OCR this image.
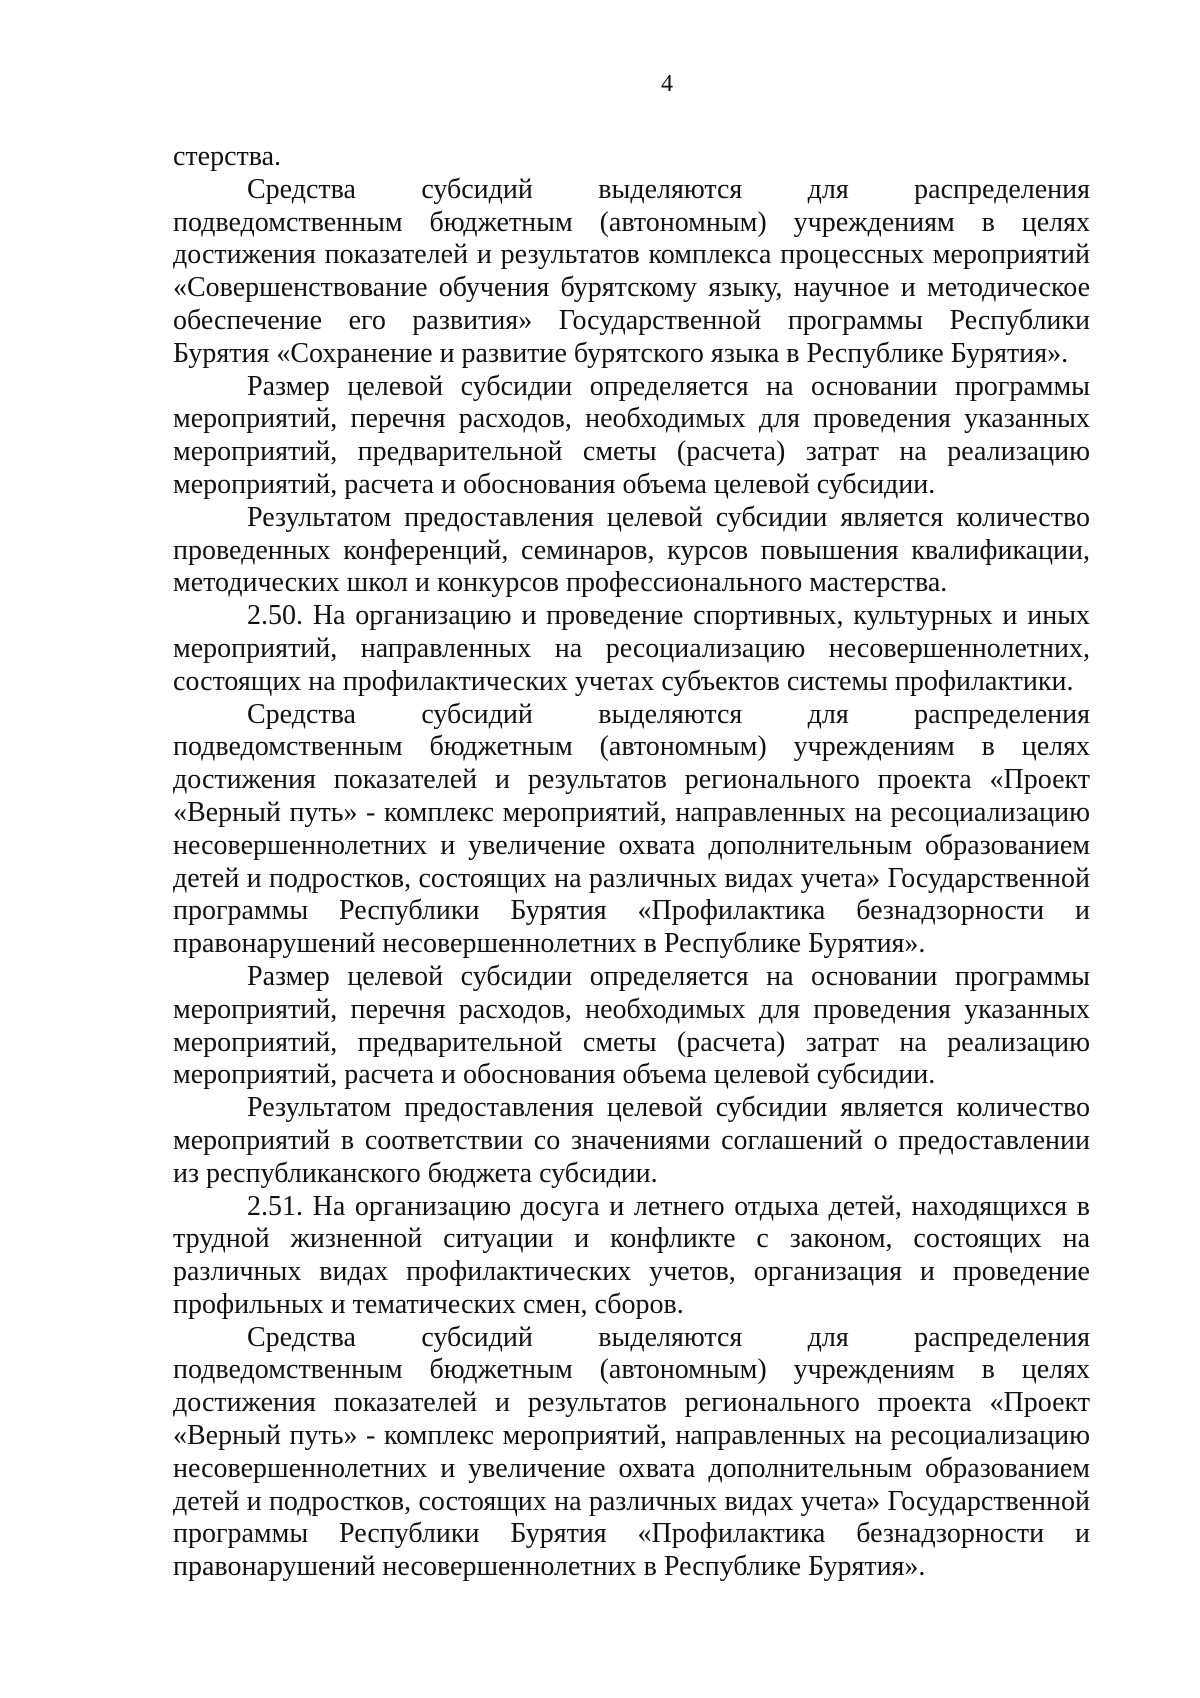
4

стерства.

Средства субсидий выделяются для распределения подведомственным бюджетным (автономным) учреждениям в целях достижения показателей и результатов комплекса процессных мероприятий «Совершенствование обучения бурятскому языку, научное и методическое обеспечение его развития» Государственной программы Республики Бурятия «Сохранение и развитие бурятского языка в Республике Бурятия».

Размер целевой субсидии определяется на основании программы мероприятий, перечня расходов, необходимых для проведения указанных мероприятий, предварительной сметы (расчета) затрат на реализацию мероприятий, расчета и обоснования объема целевой субсидии.

Результатом предоставления целевой субсидии является количество проведенных конференций, семинаров, курсов повышения квалификации, методических школ и конкурсов профессионального мастерства.

2.50. На организацию и проведение спортивных, культурных и иных мероприятий, направленных на ресоциализацию несовершеннолетних, состоящих на профилактических учетах субъектов системы профилактики.

Средства субсидий выделяются для распределения подведомственным бюджетным (автономным) учреждениям в целях достижения показателей и результатов регионального проекта «Проект «Верный путь» - комплекс мероприятий, направленных на ресоциализацию несовершеннолетних и увеличение охвата дополнительным образованием детей и подростков, состоящих на различных видах учета» Государственной программы Республики Бурятия «Профилактика безнадзорности и правонарушений несовершеннолетних в Республике Бурятия».

Размер целевой субсидии определяется на основании программы мероприятий, перечня расходов, необходимых для проведения указанных мероприятий, предварительной сметы (расчета) затрат на реализацию мероприятий, расчета и обоснования объема целевой субсидии.

Результатом предоставления целевой субсидии является количество мероприятий в соответствии со значениями соглашений о предоставлении из республиканского бюджета субсидии.

2.51. На организацию досуга и летнего отдыха детей, находящихся в трудной жизненной ситуации и конфликте с законом, состоящих на различных видах профилактических учетов, организация и проведение профильных и тематических смен, сборов.

Средства субсидий выделяются для распределения подведомственным бюджетным (автономным) учреждениям в целях достижения показателей и результатов регионального проекта «Проект «Верный путь» - комплекс мероприятий, направленных на ресоциализацию несовершеннолетних и увеличение охвата дополнительным образованием детей и подростков, состоящих на различных видах учета» Государственной программы Республики Бурятия «Профилактика безнадзорности и правонарушений несовершеннолетних в Республике Бурятия».
